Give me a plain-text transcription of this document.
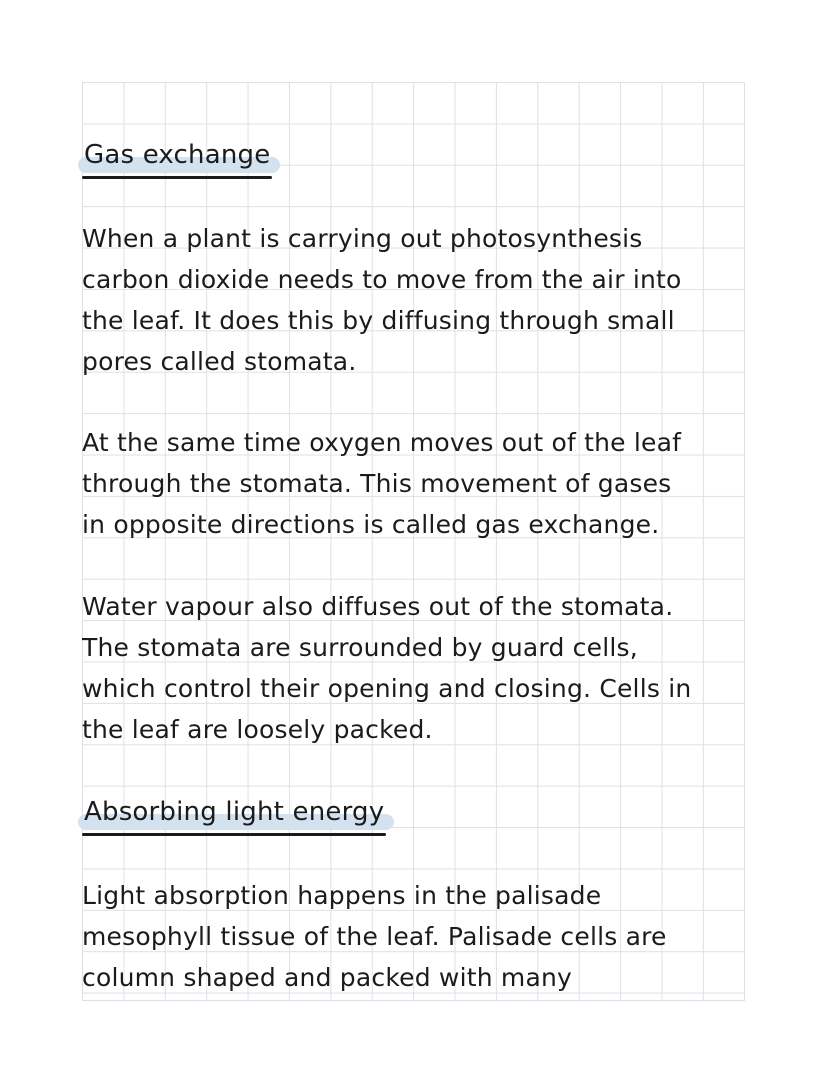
Gas exchange
When a plant is carrying out photosynthesis
carbon dioxide needs to move from the air into
the leaf. It does this by diffusing through small
pores called stomata.
At the same time oxygen moves out of the leaf
through the stomata. This movement of gases
in opposite directions is called gas exchange.
Water vapour also diffuses out of the stomata.
The stomata are surrounded by guard cells,
which control their opening and closing. Cells in
the leaf are loosely packed.
Absorbing light energy
Light absorption happens in the palisade
mesophyll tissue of the leaf. Palisade cells are
column shaped and packed with many
